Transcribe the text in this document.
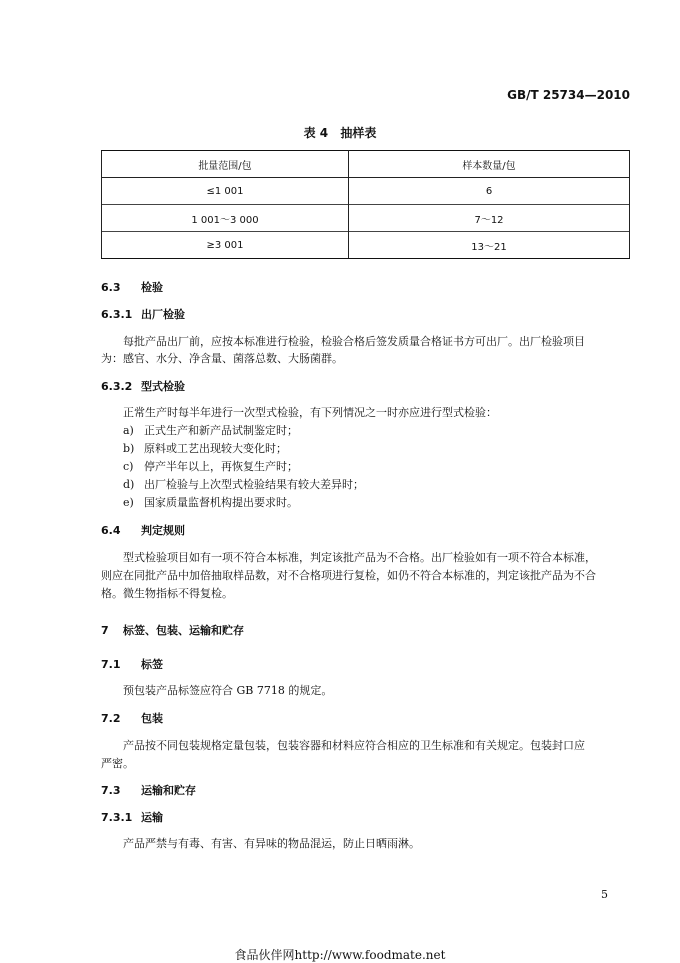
GB/T 25734—2010
表 4 抽样表
批量范围/包	样本数量/包
≤1 001	6
1 001～3 000	7～12
≥3 001	13～21
6.3 检验
6.3.1 出厂检验
每批产品出厂前，应按本标准进行检验，检验合格后签发质量合格证书方可出厂。出厂检验项目
为：感官、水分、净含量、菌落总数、大肠菌群。
6.3.2 型式检验
正常生产时每半年进行一次型式检验，有下列情况之一时亦应进行型式检验：
a) 正式生产和新产品试制鉴定时；
b) 原料或工艺出现较大变化时；
c) 停产半年以上，再恢复生产时；
d) 出厂检验与上次型式检验结果有较大差异时；
e) 国家质量监督机构提出要求时。
6.4 判定规则
型式检验项目如有一项不符合本标准，判定该批产品为不合格。出厂检验如有一项不符合本标准，
则应在同批产品中加倍抽取样品数，对不合格项进行复检，如仍不符合本标准的，判定该批产品为不合
格。微生物指标不得复检。
7 标签、包装、运输和贮存
7.1 标签
预包装产品标签应符合 GB 7718 的规定。
7.2 包装
产品按不同包装规格定量包装，包装容器和材料应符合相应的卫生标准和有关规定。包装封口应
严密。
7.3 运输和贮存
7.3.1 运输
产品严禁与有毒、有害、有异味的物品混运，防止日晒雨淋。
5
食品伙伴网http://www.foodmate.net
